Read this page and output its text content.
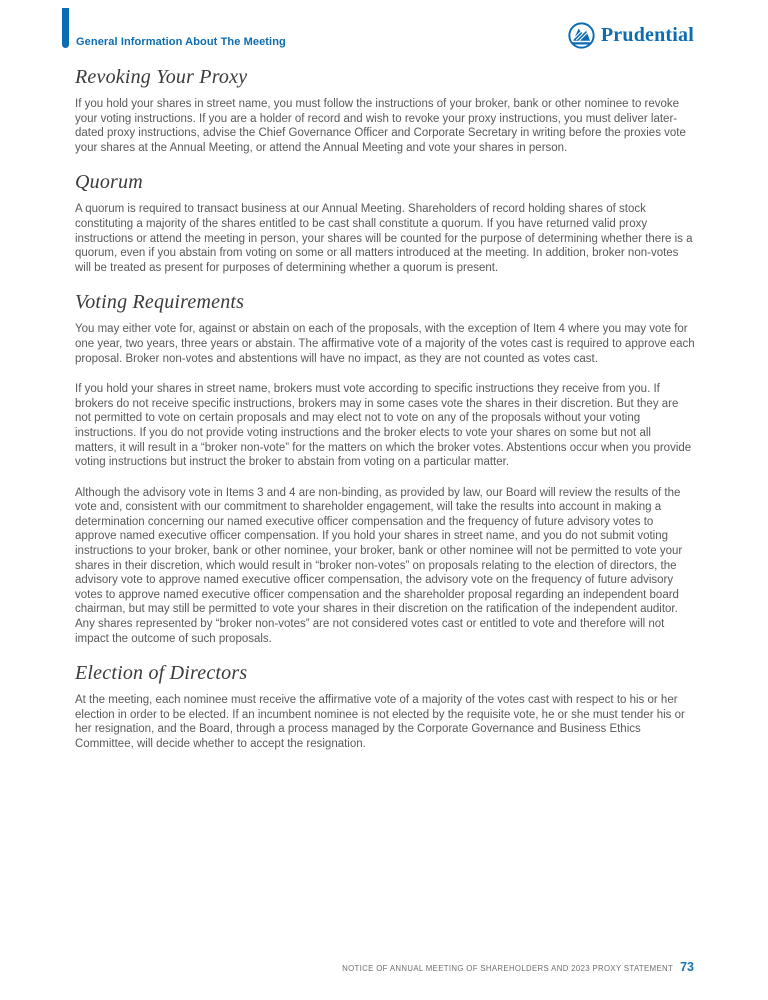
General Information About The Meeting	Prudential
Revoking Your Proxy

If you hold your shares in street name, you must follow the instructions of your broker, bank or other nominee to revoke your voting instructions. If you are a holder of record and wish to revoke your proxy instructions, you must deliver later-dated proxy instructions, advise the Chief Governance Officer and Corporate Secretary in writing before the proxies vote your shares at the Annual Meeting, or attend the Annual Meeting and vote your shares in person.

Quorum

A quorum is required to transact business at our Annual Meeting. Shareholders of record holding shares of stock constituting a majority of the shares entitled to be cast shall constitute a quorum. If you have returned valid proxy instructions or attend the meeting in person, your shares will be counted for the purpose of determining whether there is a quorum, even if you abstain from voting on some or all matters introduced at the meeting. In addition, broker non-votes will be treated as present for purposes of determining whether a quorum is present.

Voting Requirements

You may either vote for, against or abstain on each of the proposals, with the exception of Item 4 where you may vote for one year, two years, three years or abstain. The affirmative vote of a majority of the votes cast is required to approve each proposal. Broker non-votes and abstentions will have no impact, as they are not counted as votes cast.

If you hold your shares in street name, brokers must vote according to specific instructions they receive from you. If brokers do not receive specific instructions, brokers may in some cases vote the shares in their discretion. But they are not permitted to vote on certain proposals and may elect not to vote on any of the proposals without your voting instructions. If you do not provide voting instructions and the broker elects to vote your shares on some but not all matters, it will result in a “broker non-vote” for the matters on which the broker votes. Abstentions occur when you provide voting instructions but instruct the broker to abstain from voting on a particular matter.

Although the advisory vote in Items 3 and 4 are non-binding, as provided by law, our Board will review the results of the vote and, consistent with our commitment to shareholder engagement, will take the results into account in making a determination concerning our named executive officer compensation and the frequency of future advisory votes to approve named executive officer compensation. If you hold your shares in street name, and you do not submit voting instructions to your broker, bank or other nominee, your broker, bank or other nominee will not be permitted to vote your shares in their discretion, which would result in “broker non-votes” on proposals relating to the election of directors, the advisory vote to approve named executive officer compensation, the advisory vote on the frequency of future advisory votes to approve named executive officer compensation and the shareholder proposal regarding an independent board chairman, but may still be permitted to vote your shares in their discretion on the ratification of the independent auditor. Any shares represented by “broker non-votes” are not considered votes cast or entitled to vote and therefore will not impact the outcome of such proposals.

Election of Directors

At the meeting, each nominee must receive the affirmative vote of a majority of the votes cast with respect to his or her election in order to be elected. If an incumbent nominee is not elected by the requisite vote, he or she must tender his or her resignation, and the Board, through a process managed by the Corporate Governance and Business Ethics Committee, will decide whether to accept the resignation.

NOTICE OF ANNUAL MEETING OF SHAREHOLDERS AND 2023 PROXY STATEMENT 73
